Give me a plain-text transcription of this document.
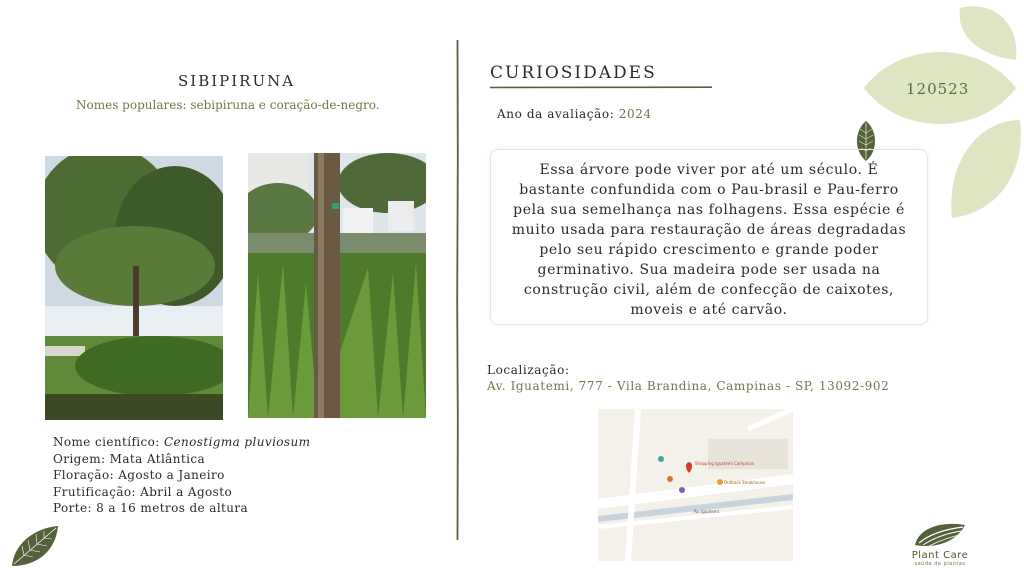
SIBIPIRUNA
Nomes populares: sebipiruna e coração-de-negro.
Nome científico: Cenostigma pluviosum
Origem: Mata Atlântica
Floração: Agosto a Janeiro
Frutificação: Abril a Agosto
Porte: 8 a 16 metros de altura
CURIOSIDADES
Ano da avaliação: 2024
Essa árvore pode viver por até um século. É bastante confundida com o Pau-brasil e Pau-ferro pela sua semelhança nas folhagens. Essa espécie é muito usada para restauração de áreas degradadas pelo seu rápido crescimento e grande poder germinativo. Sua madeira pode ser usada na construção civil, além de confecção de caixotes, moveis e até carvão.
Localização:
Av. Iguatemi, 777 - Vila Brandina, Campinas - SP, 13092-902
Shopping Iguatemi Campinas
Outback Steakhouse
Av. Iguatemi
120523
Plant Care
saúde de plantas
